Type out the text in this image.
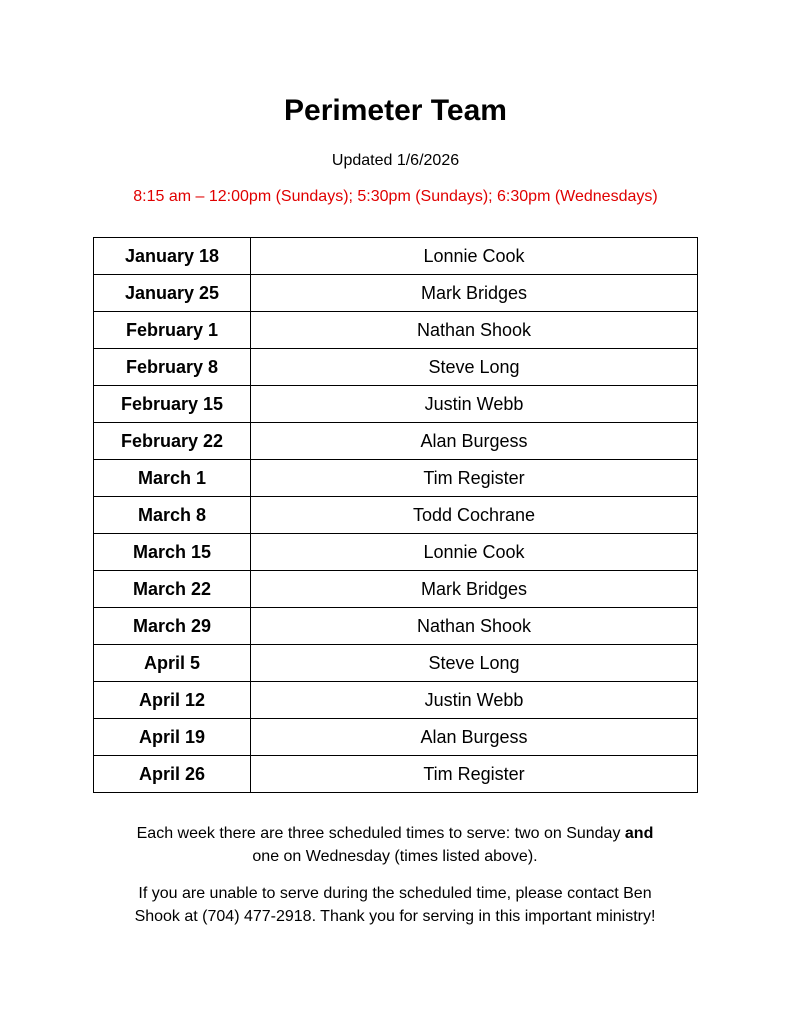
Perimeter Team
Updated 1/6/2026
8:15 am – 12:00pm (Sundays); 5:30pm (Sundays); 6:30pm (Wednesdays)
January 18	Lonnie Cook
January 25	Mark Bridges
February 1	Nathan Shook
February 8	Steve Long
February 15	Justin Webb
February 22	Alan Burgess
March 1	Tim Register
March 8	Todd Cochrane
March 15	Lonnie Cook
March 22	Mark Bridges
March 29	Nathan Shook
April 5	Steve Long
April 12	Justin Webb
April 19	Alan Burgess
April 26	Tim Register
Each week there are three scheduled times to serve: two on Sunday and
one on Wednesday (times listed above).
If you are unable to serve during the scheduled time, please contact Ben
Shook at (704) 477-2918. Thank you for serving in this important ministry!
